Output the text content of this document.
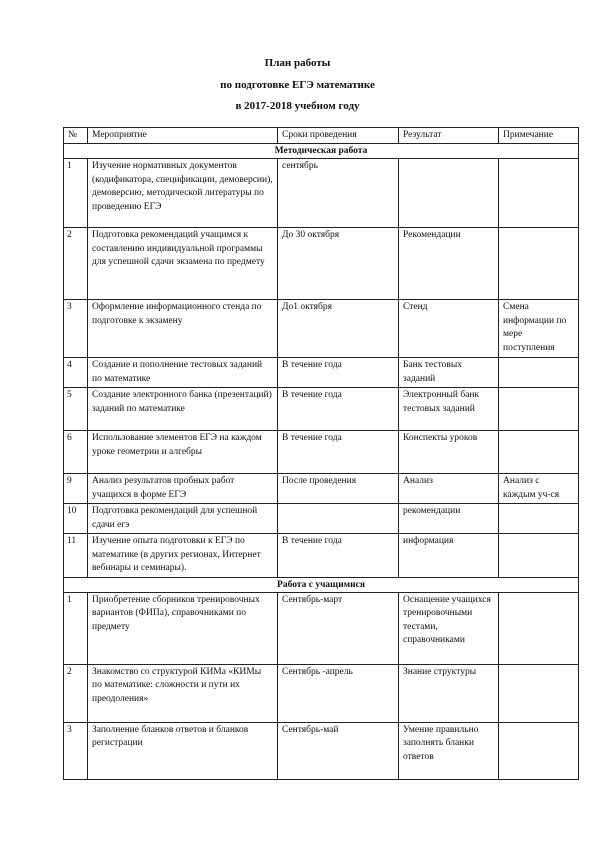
План работы
по подготовке ЕГЭ математике
в 2017-2018 учебном году
№	Мероприятие	Сроки проведения	Результат	Примечание
Методическая работа				
1	Изучение нормативных документов (кодификатора, спецификации, демоверсии), демоверсию, методической литературы по проведению ЕГЭ	сентябрь		
2	Подготовка рекомендаций учащимся к составлению индивидуальной программы для успешной сдачи экзамена по предмету	До 30 октября	Рекомендации	
3	Оформление информационного стенда по подготовке к экзамену	До1 октября	Стенд	Смена информации по мере поступления
4	Создание и пополнение тестовых заданий по математике	В течение года	Банк тестовых заданий	
5	Создание электронного банка (презентаций) заданий по математике	В течение года	Электронный банк тестовых заданий	
6	Использование элементов ЕГЭ на каждом уроке геометрии и алгебры	В течение года	Конспекты уроков	
9	Анализ результатов пробных работ учащихся в форме ЕГЭ	После проведения	Анализ	Анализ с каждым уч-ся
10	Подготовка рекомендаций для успешной сдачи егэ		рекомендации	
11	Изучение опыта подготовки к ЕГЭ по математике (в других регионах, Интернет вебинары и семинары).	В течение года	информация	
Работа с учащимися				
1	Приобретение сборников тренировочных вариантов (ФИПа), справочниками по предмету	Сентябрь-март	Оснащение учащихся тренировочными тестами, справочниками	
2	Знакомство со структурой КИМа «КИМы по математике: сложности и пути их преодоления»	Сентябрь -апрель	Знание структуры	
3	Заполнение бланков ответов и бланков регистрации	Сентябрь-май	Умение правильно заполнять бланки ответов	
